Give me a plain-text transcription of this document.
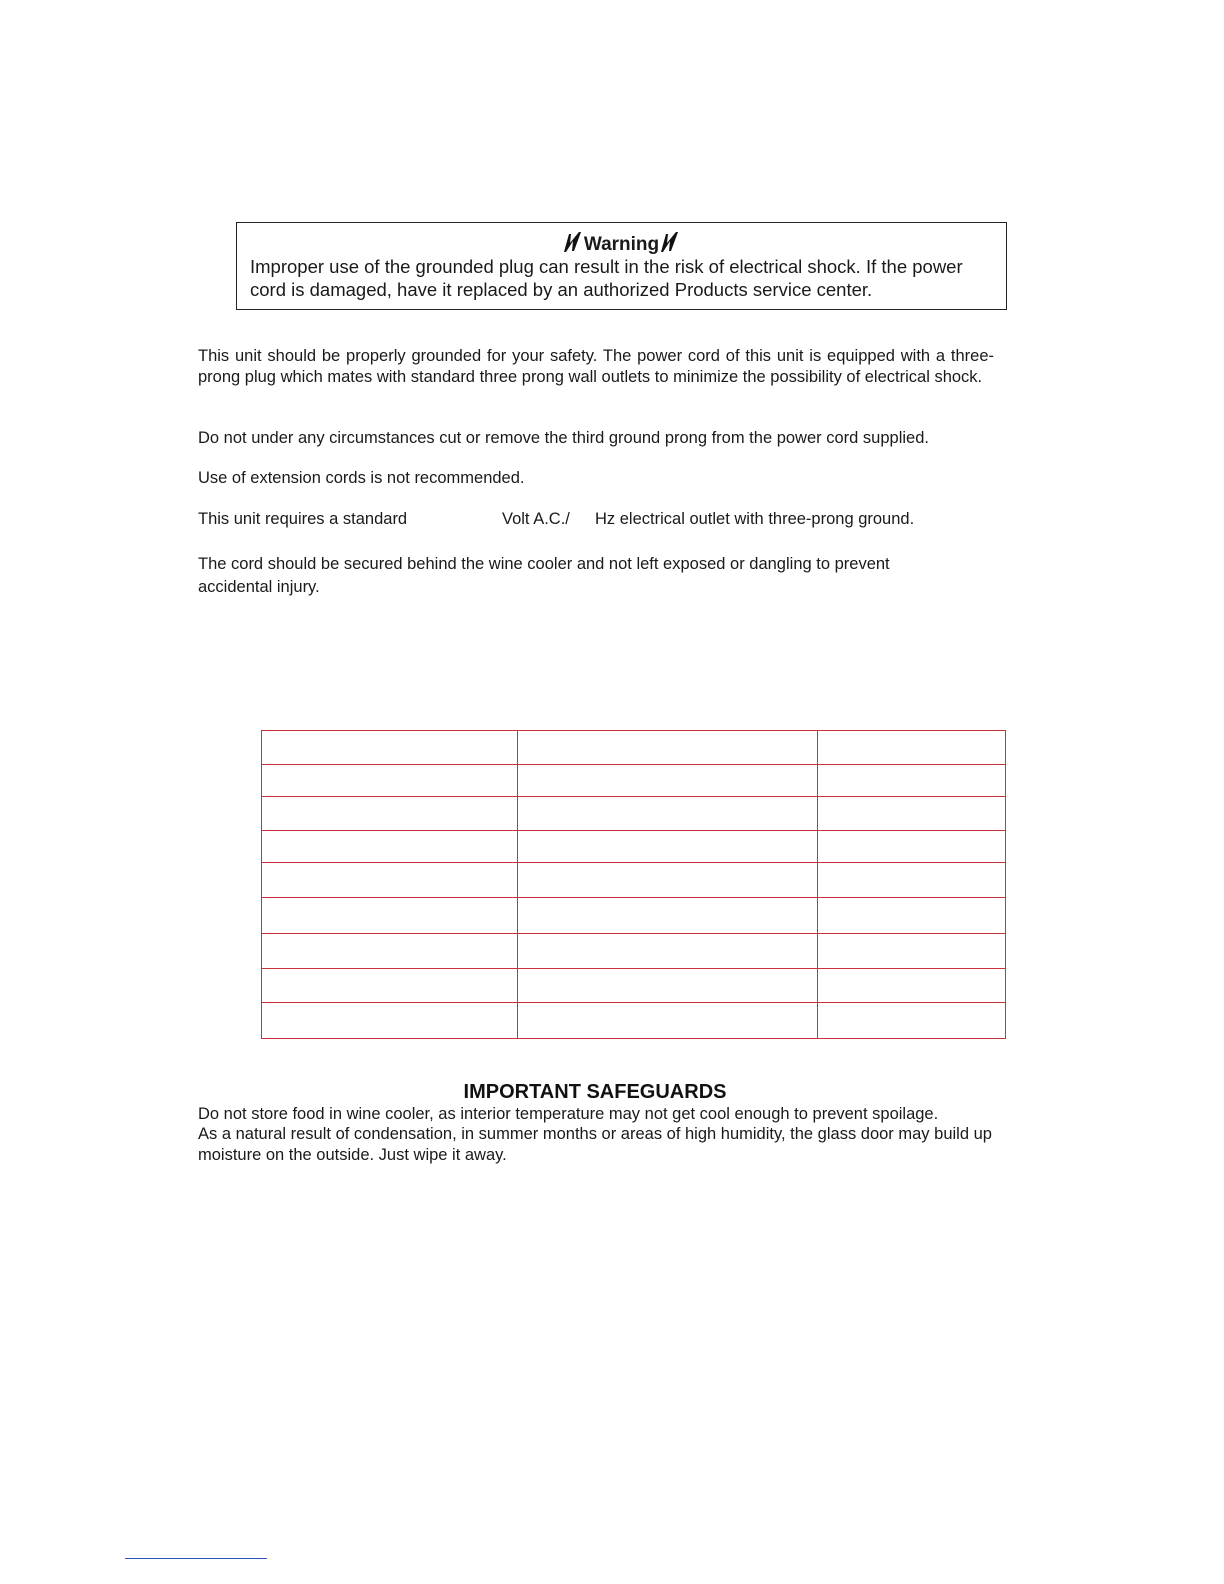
Warning
Improper use of the grounded plug can result in the risk of electrical shock. If the power cord is damaged, have it replaced by an authorized Products service center.
This unit should be properly grounded for your safety. The power cord of this unit is equipped with a three-prong plug which mates with standard three prong wall outlets to minimize the possibility of electrical shock.
Do not under any circumstances cut or remove the third ground prong from the power cord supplied.
Use of extension cords is not recommended.
This unit requires a standard	Volt A.C./ Hz electrical outlet with three-prong ground.
The cord should be secured behind the wine cooler and not left exposed or dangling to prevent accidental injury.

IMPORTANT SAFEGUARDS
Do not store food in wine cooler, as interior temperature may not get cool enough to prevent spoilage.
As a natural result of condensation, in summer months or areas of high humidity, the glass door may build up moisture on the outside. Just wipe it away.
